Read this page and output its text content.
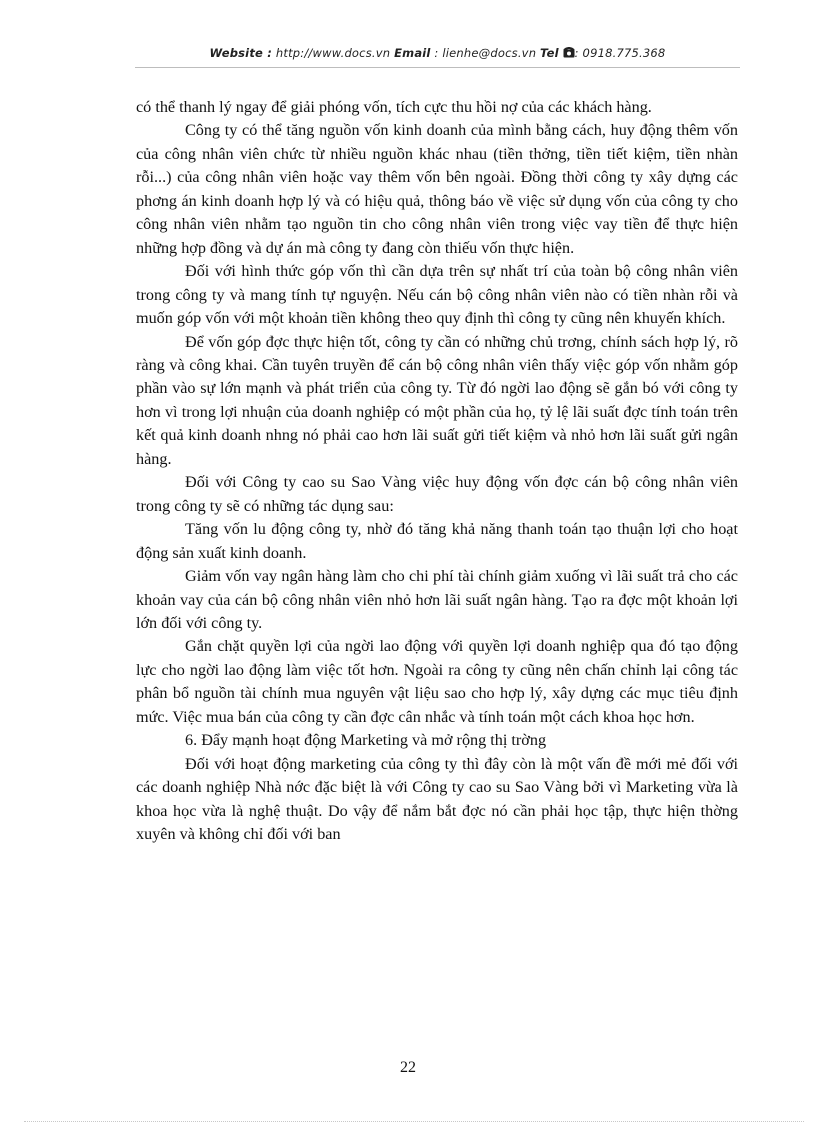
Website : http://www.docs.vn Email : lienhe@docs.vn Tel : 0918.775.368

có thể thanh lý ngay để giải phóng vốn, tích cực thu hồi nợ của các khách hàng.

Công ty có thể tăng nguồn vốn kinh doanh của mình bằng cách, huy động thêm vốn của công nhân viên chức từ nhiều nguồn khác nhau (tiền thởng, tiền tiết kiệm, tiền nhàn rỗi...) của công nhân viên hoặc vay thêm vốn bên ngoài. Đồng thời công ty xây dựng các phơng án kinh doanh hợp lý và có hiệu quả, thông báo về việc sử dụng vốn của công ty cho công nhân viên nhằm tạo nguồn tin cho công nhân viên trong việc vay tiền để thực hiện những hợp đồng và dự án mà công ty đang còn thiếu vốn thực hiện.

Đối với hình thức góp vốn thì cần dựa trên sự nhất trí của toàn bộ công nhân viên trong công ty và mang tính tự nguyện. Nếu cán bộ công nhân viên nào có tiền nhàn rỗi và muốn góp vốn với một khoản tiền không theo quy định thì công ty cũng nên khuyến khích.

Để vốn góp đợc thực hiện tốt, công ty cần có những chủ trơng, chính sách hợp lý, rõ ràng và công khai. Cần tuyên truyền để cán bộ công nhân viên thấy việc góp vốn nhằm góp phần vào sự lớn mạnh và phát triển của công ty. Từ đó ngời lao động sẽ gắn bó với công ty hơn vì trong lợi nhuận của doanh nghiệp có một phần của họ, tỷ lệ lãi suất đợc tính toán trên kết quả kinh doanh nhng nó phải cao hơn lãi suất gửi tiết kiệm và nhỏ hơn lãi suất gửi ngân hàng.

Đối với Công ty cao su Sao Vàng việc huy động vốn đợc cán bộ công nhân viên trong công ty sẽ có những tác dụng sau:

Tăng vốn lu động công ty, nhờ đó tăng khả năng thanh toán tạo thuận lợi cho hoạt động sản xuất kinh doanh.

Giảm vốn vay ngân hàng làm cho chi phí tài chính giảm xuống vì lãi suất trả cho các khoản vay của cán bộ công nhân viên nhỏ hơn lãi suất ngân hàng. Tạo ra đợc một khoản lợi lớn đối với công ty.

Gắn chặt quyền lợi của ngời lao động với quyền lợi doanh nghiệp qua đó tạo động lực cho ngời lao động làm việc tốt hơn. Ngoài ra công ty cũng nên chấn chỉnh lại công tác phân bổ nguồn tài chính mua nguyên vật liệu sao cho hợp lý, xây dựng các mục tiêu định mức. Việc mua bán của công ty cần đợc cân nhắc và tính toán một cách khoa học hơn.

6. Đẩy mạnh hoạt động Marketing và mở rộng thị trờng

Đối với hoạt động marketing của công ty thì đây còn là một vấn đề mới mẻ đối với các doanh nghiệp Nhà nớc đặc biệt là với Công ty cao su Sao Vàng bởi vì Marketing vừa là khoa học vừa là nghệ thuật. Do vậy để nắm bắt đợc nó cần phải học tập, thực hiện thờng xuyên và không chỉ đối với ban

22
